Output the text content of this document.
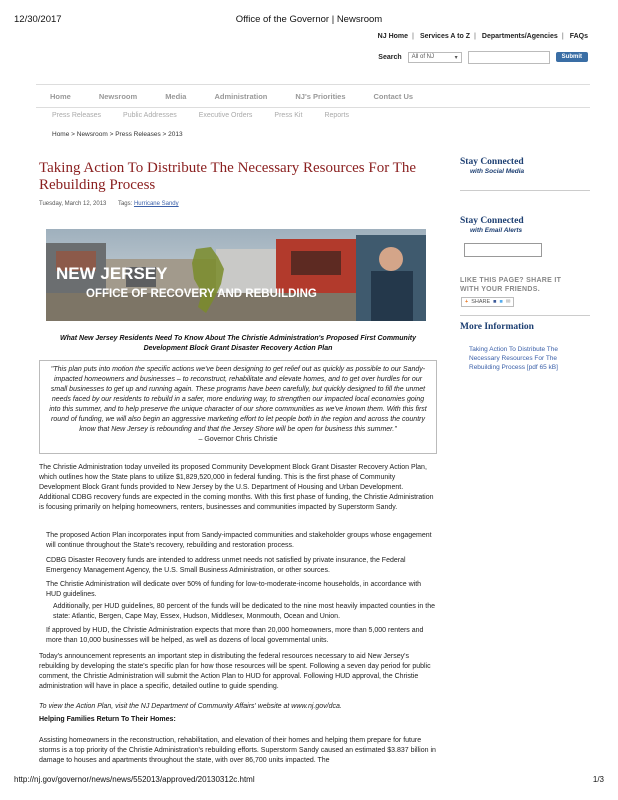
12/30/2017	Office of the Governor | Newsroom
NJ Home | Services A to Z | Departments/Agencies | FAQs
Search All of NJ	▾	Submit
Home	Newsroom	Media	Administration	NJ's Priorities	Contact Us
Press Releases	Public Addresses	Executive Orders	Press Kit	Reports
Home > Newsroom > Press Releases > 2013
Taking Action To Distribute The Necessary Resources For The Rebuilding Process
Tuesday, March 12, 2013 Tags: Hurricane Sandy
NEW JERSEY
OFFICE OF RECOVERY AND REBUILDING
What New Jersey Residents Need To Know About The Christie Administration's Proposed First Community Development Block Grant Disaster Recovery Action Plan
"This plan puts into motion the specific actions we've been designing to get relief out as quickly as possible to our Sandy-impacted homeowners and businesses – to reconstruct, rehabilitate and elevate homes, and to get over hurdles for our small businesses to get up and running again. These programs have been carefully, but quickly designed to fill the unmet needs faced by our residents to rebuild in a safer, more enduring way, to strengthen our impacted local economies going into this summer, and to help preserve the unique character of our shore communities as we've known them. With this first round of funding, we will also begin an aggressive marketing effort to let people both in the region and across the country know that New Jersey is rebounding and that the Jersey Shore will be open for business this summer."
– Governor Chris Christie
The Christie Administration today unveiled its proposed Community Development Block Grant Disaster Recovery Action Plan, which outlines how the State plans to utilize $1,829,520,000 in federal funding. This is the first phase of Community Development Block Grant funds provided to New Jersey by the U.S. Department of Housing and Urban Development. Additional CDBG recovery funds are expected in the coming months. With this first phase of funding, the Christie Administration is focusing primarily on helping homeowners, renters, businesses and communities impacted by Superstorm Sandy.
The proposed Action Plan incorporates input from Sandy-impacted communities and stakeholder groups whose engagement will continue throughout the State's recovery, rebuilding and restoration process.
CDBG Disaster Recovery funds are intended to address unmet needs not satisfied by private insurance, the Federal Emergency Management Agency, the U.S. Small Business Administration, or other sources.
The Christie Administration will dedicate over 50% of funding for low-to-moderate-income households, in accordance with HUD guidelines.
Additionally, per HUD guidelines, 80 percent of the funds will be dedicated to the nine most heavily impacted counties in the state: Atlantic, Bergen, Cape May, Essex, Hudson, Middlesex, Monmouth, Ocean and Union.
If approved by HUD, the Christie Administration expects that more than 20,000 homeowners, more than 5,000 renters and more than 10,000 businesses will be helped, as well as dozens of local governmental units.
Today's announcement represents an important step in distributing the federal resources necessary to aid New Jersey's rebuilding by developing the state's specific plan for how those resources will be spent. Following a seven day period for public comment, the Christie Administration will submit the Action Plan to HUD for approval. Following HUD approval, the Christie administration will have in place a specific, detailed outline to guide spending.
To view the Action Plan, visit the NJ Department of Community Affairs' website at www.nj.gov/dca.
Helping Families Return To Their Homes:
Assisting homeowners in the reconstruction, rehabilitation, and elevation of their homes and helping them prepare for future storms is a top priority of the Christie Administration's rebuilding efforts. Superstorm Sandy caused an estimated $3.837 billion in damage to houses and apartments throughout the state, with over 86,700 units impacted. The
Stay Connected
with Social Media
Stay Connected
with Email Alerts
LIKE THIS PAGE? SHARE IT WITH YOUR FRIENDS.
+ SHARE ■ ■ ✉
More Information
Taking Action To Distribute The Necessary Resources For The Rebuilding Process [pdf 65 kB]
http://nj.gov/governor/news/news/552013/approved/20130312c.html	1/3
